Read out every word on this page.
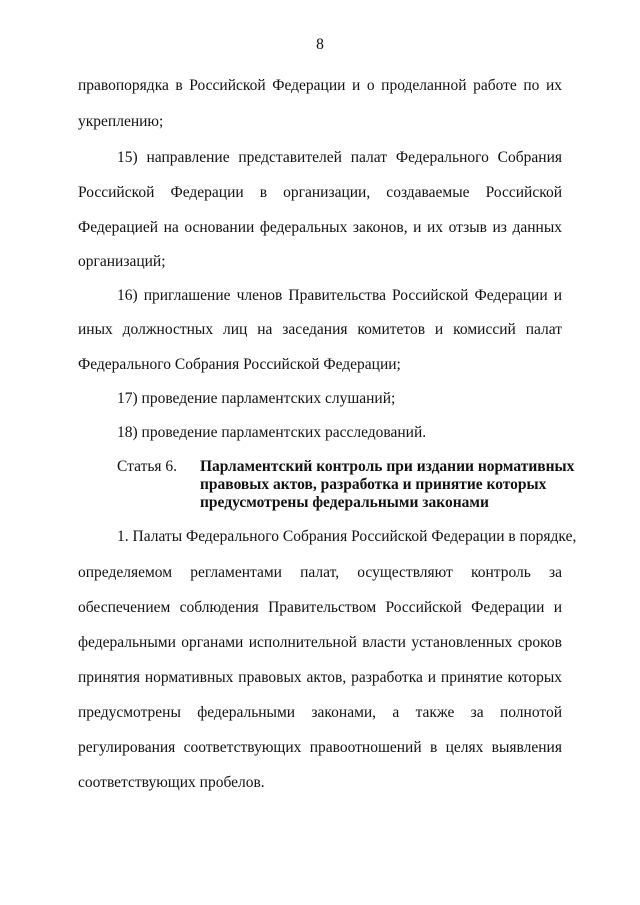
8
правопорядка в Российской Федерации и о проделанной работе по их
укреплению;
15) направление представителей палат Федерального Собрания
Российской Федерации в организации, создаваемые Российской
Федерацией на основании федеральных законов, и их отзыв из данных
организаций;
16) приглашение членов Правительства Российской Федерации и
иных должностных лиц на заседания комитетов и комиссий палат
Федерального Собрания Российской Федерации;
17) проведение парламентских слушаний;
18) проведение парламентских расследований.
Статья 6. Парламентский контроль при издании нормативных
правовых актов, разработка и принятие которых
предусмотрены федеральными законами
1. Палаты Федерального Собрания Российской Федерации в порядке,
определяемом регламентами палат, осуществляют контроль за
обеспечением соблюдения Правительством Российской Федерации и
федеральными органами исполнительной власти установленных сроков
принятия нормативных правовых актов, разработка и принятие которых
предусмотрены федеральными законами, а также за полнотой
регулирования соответствующих правоотношений в целях выявления
соответствующих пробелов.
